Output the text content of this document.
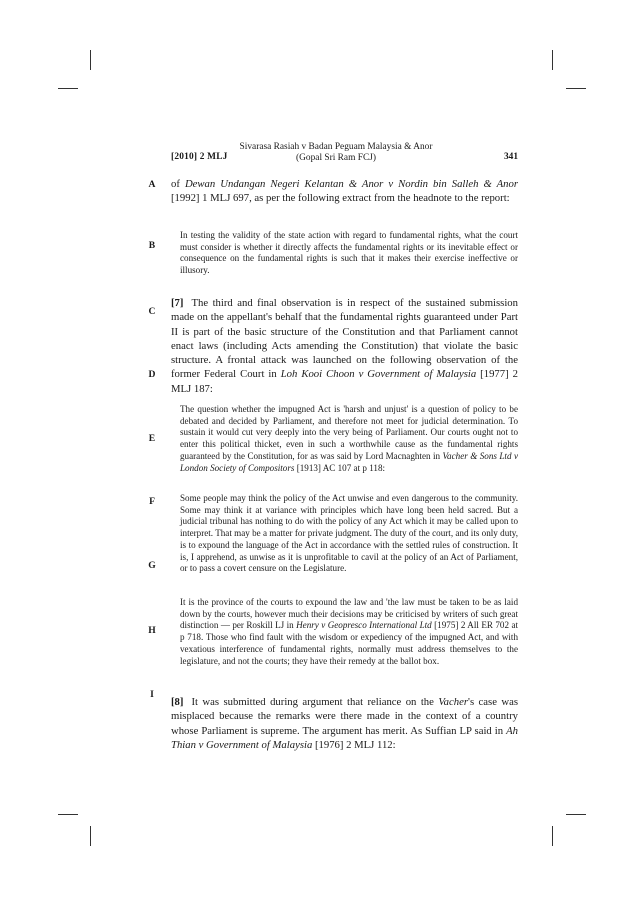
[2010] 2 MLJ
Sivarasa Rasiah v Badan Peguam Malaysia & Anor
(Gopal Sri Ram FCJ)	341
A
B
C
D
E
F
G
H
I
of Dewan Undangan Negeri Kelantan & Anor v Nordin bin Salleh & Anor [1992] 1 MLJ 697, as per the following extract from the headnote to the report:
In testing the validity of the state action with regard to fundamental rights, what the court must consider is whether it directly affects the fundamental rights or its inevitable effect or consequence on the fundamental rights is such that it makes their exercise ineffective or illusory.
[7] The third and final observation is in respect of the sustained submission made on the appellant's behalf that the fundamental rights guaranteed under Part II is part of the basic structure of the Constitution and that Parliament cannot enact laws (including Acts amending the Constitution) that violate the basic structure. A frontal attack was launched on the following observation of the former Federal Court in Loh Kooi Choon v Government of Malaysia [1977] 2 MLJ 187:
The question whether the impugned Act is 'harsh and unjust' is a question of policy to be debated and decided by Parliament, and therefore not meet for judicial determination. To sustain it would cut very deeply into the very being of Parliament. Our courts ought not to enter this political thicket, even in such a worthwhile cause as the fundamental rights guaranteed by the Constitution, for as was said by Lord Macnaghten in Vacher & Sons Ltd v London Society of Compositors [1913] AC 107 at p 118:
Some people may think the policy of the Act unwise and even dangerous to the community. Some may think it at variance with principles which have long been held sacred. But a judicial tribunal has nothing to do with the policy of any Act which it may be called upon to interpret. That may be a matter for private judgment. The duty of the court, and its only duty, is to expound the language of the Act in accordance with the settled rules of construction. It is, I apprehend, as unwise as it is unprofitable to cavil at the policy of an Act of Parliament, or to pass a covert censure on the Legislature.
It is the province of the courts to expound the law and 'the law must be taken to be as laid down by the courts, however much their decisions may be criticised by writers of such great distinction — per Roskill LJ in Henry v Geopresco International Ltd [1975] 2 All ER 702 at p 718. Those who find fault with the wisdom or expediency of the impugned Act, and with vexatious interference of fundamental rights, normally must address themselves to the legislature, and not the courts; they have their remedy at the ballot box.
[8] It was submitted during argument that reliance on the Vacher's case was misplaced because the remarks were there made in the context of a country whose Parliament is supreme. The argument has merit. As Suffian LP said in Ah Thian v Government of Malaysia [1976] 2 MLJ 112:
